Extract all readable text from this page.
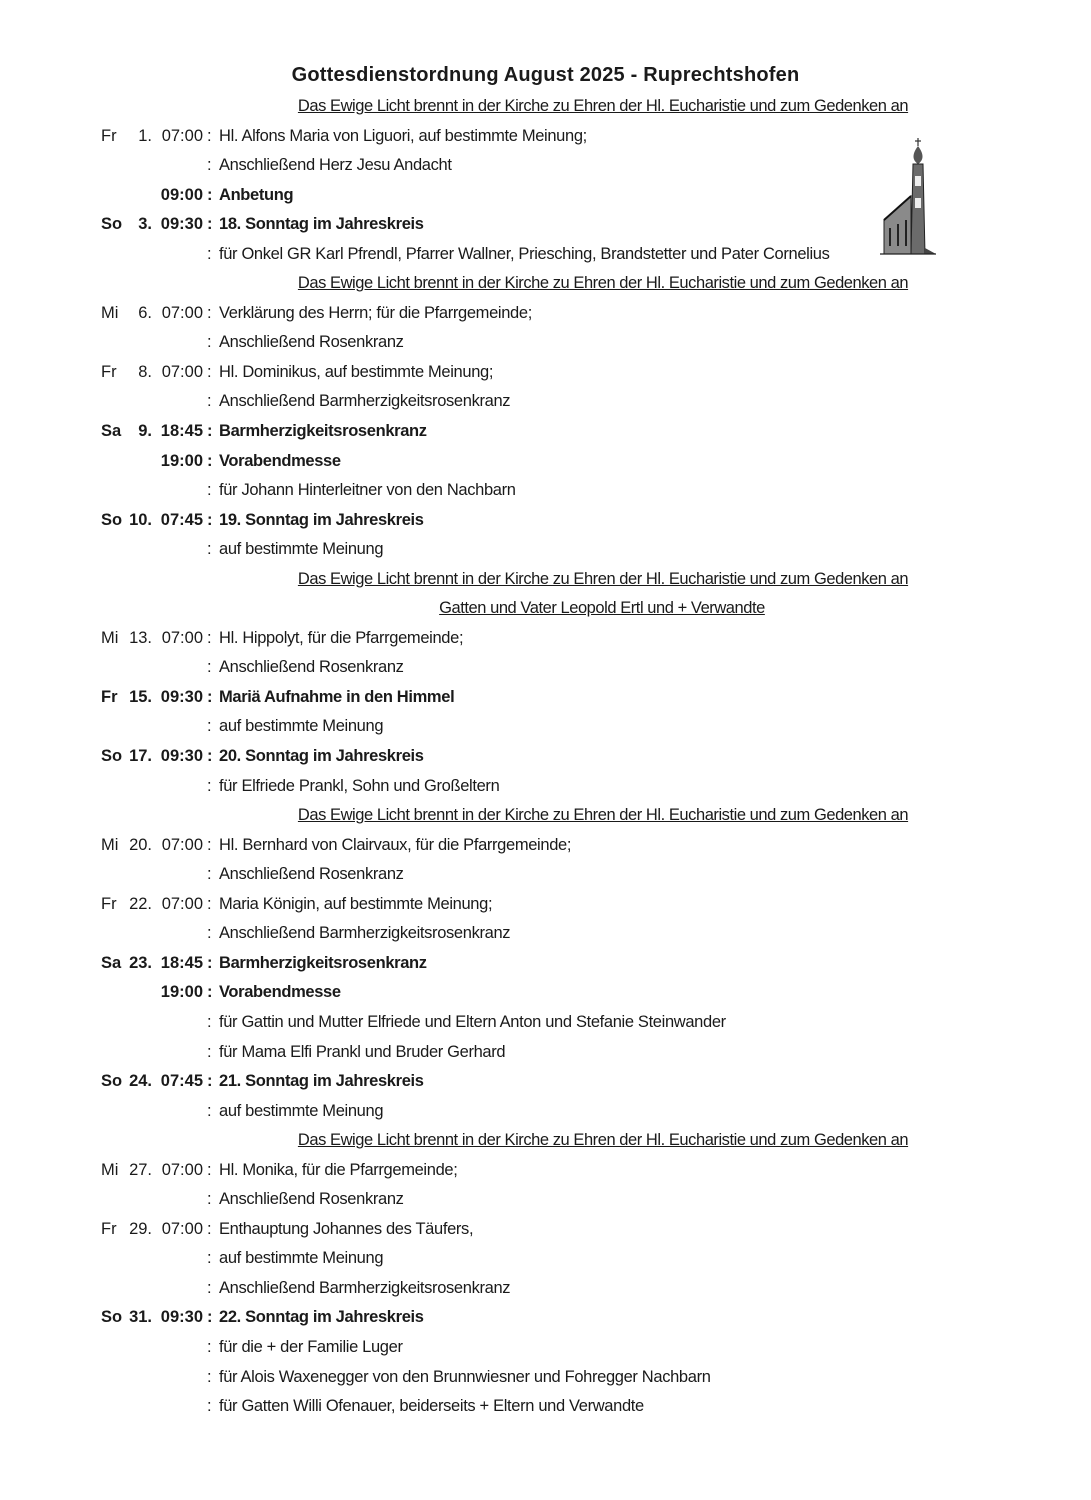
Gottesdienstordnung August 2025 - Ruprechtshofen
Das Ewige Licht brennt in der Kirche zu Ehren der Hl. Eucharistie und zum Gedenken an
Fr	1. 07:00 : Hl. Alfons Maria von Liguori, auf bestimmte Meinung;
: Anschließend Herz Jesu Andacht
09:00 : Anbetung
So 3. 09:30 : 18. Sonntag im Jahreskreis
: für Onkel GR Karl Pfrendl, Pfarrer Wallner, Priesching, Brandstetter und Pater Cornelius
Das Ewige Licht brennt in der Kirche zu Ehren der Hl. Eucharistie und zum Gedenken an
Mi	6. 07:00 : Verklärung des Herrn; für die Pfarrgemeinde;
: Anschließend Rosenkranz
Fr	8. 07:00 : Hl. Dominikus, auf bestimmte Meinung;
: Anschließend Barmherzigkeitsrosenkranz
Sa	9. 18:45 : Barmherzigkeitsrosenkranz
19:00 : Vorabendmesse
: für Johann Hinterleitner von den Nachbarn
So 10. 07:45 : 19. Sonntag im Jahreskreis
: auf bestimmte Meinung
Das Ewige Licht brennt in der Kirche zu Ehren der Hl. Eucharistie und zum Gedenken an
Gatten und Vater Leopold Ertl und + Verwandte
Mi 13. 07:00 : Hl. Hippolyt, für die Pfarrgemeinde;
: Anschließend Rosenkranz
Fr 15. 09:30 : Mariä Aufnahme in den Himmel
: auf bestimmte Meinung
So 17. 09:30 : 20. Sonntag im Jahreskreis
: für Elfriede Prankl, Sohn und Großeltern
Das Ewige Licht brennt in der Kirche zu Ehren der Hl. Eucharistie und zum Gedenken an
Mi 20. 07:00 : Hl. Bernhard von Clairvaux, für die Pfarrgemeinde;
: Anschließend Rosenkranz
Fr 22. 07:00 : Maria Königin, auf bestimmte Meinung;
: Anschließend Barmherzigkeitsrosenkranz
Sa 23. 18:45 : Barmherzigkeitsrosenkranz
19:00 : Vorabendmesse
: für Gattin und Mutter Elfriede und Eltern Anton und Stefanie Steinwander
: für Mama Elfi Prankl und Bruder Gerhard
So 24. 07:45 : 21. Sonntag im Jahreskreis
: auf bestimmte Meinung
Das Ewige Licht brennt in der Kirche zu Ehren der Hl. Eucharistie und zum Gedenken an
Mi 27. 07:00 : Hl. Monika, für die Pfarrgemeinde;
: Anschließend Rosenkranz
Fr 29. 07:00 : Enthauptung Johannes des Täufers,
: auf bestimmte Meinung
: Anschließend Barmherzigkeitsrosenkranz
So 31. 09:30 : 22. Sonntag im Jahreskreis
: für die + der Familie Luger
: für Alois Waxenegger von den Brunnwiesner und Fohregger Nachbarn
: für Gatten Willi Ofenauer, beiderseits + Eltern und Verwandte
